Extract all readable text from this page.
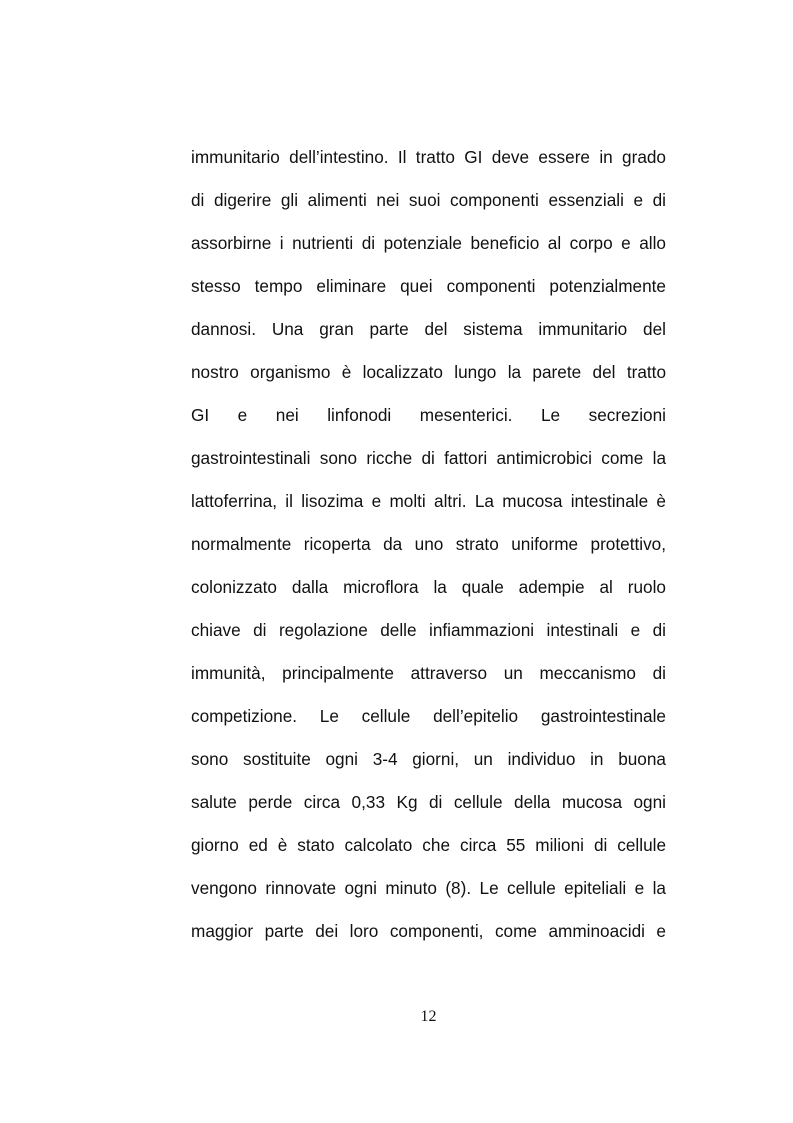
immunitario dell’intestino. Il tratto GI deve essere in grado
di digerire gli alimenti nei suoi componenti essenziali e di
assorbirne i nutrienti di potenziale beneficio al corpo e allo
stesso tempo eliminare quei componenti potenzialmente
dannosi. Una gran parte del sistema immunitario del
nostro organismo è localizzato lungo la parete del tratto
GI e nei linfonodi mesenterici. Le secrezioni
gastrointestinali sono ricche di fattori antimicrobici come la
lattoferrina, il lisozima e molti altri. La mucosa intestinale è
normalmente ricoperta da uno strato uniforme protettivo,
colonizzato dalla microflora la quale adempie al ruolo
chiave di regolazione delle infiammazioni intestinali e di
immunità, principalmente attraverso un meccanismo di
competizione. Le cellule dell’epitelio gastrointestinale
sono sostituite ogni 3-4 giorni, un individuo in buona
salute perde circa 0,33 Kg di cellule della mucosa ogni
giorno ed è stato calcolato che circa 55 milioni di cellule
vengono rinnovate ogni minuto (8). Le cellule epiteliali e la
maggior parte dei loro componenti, come amminoacidi e
12
